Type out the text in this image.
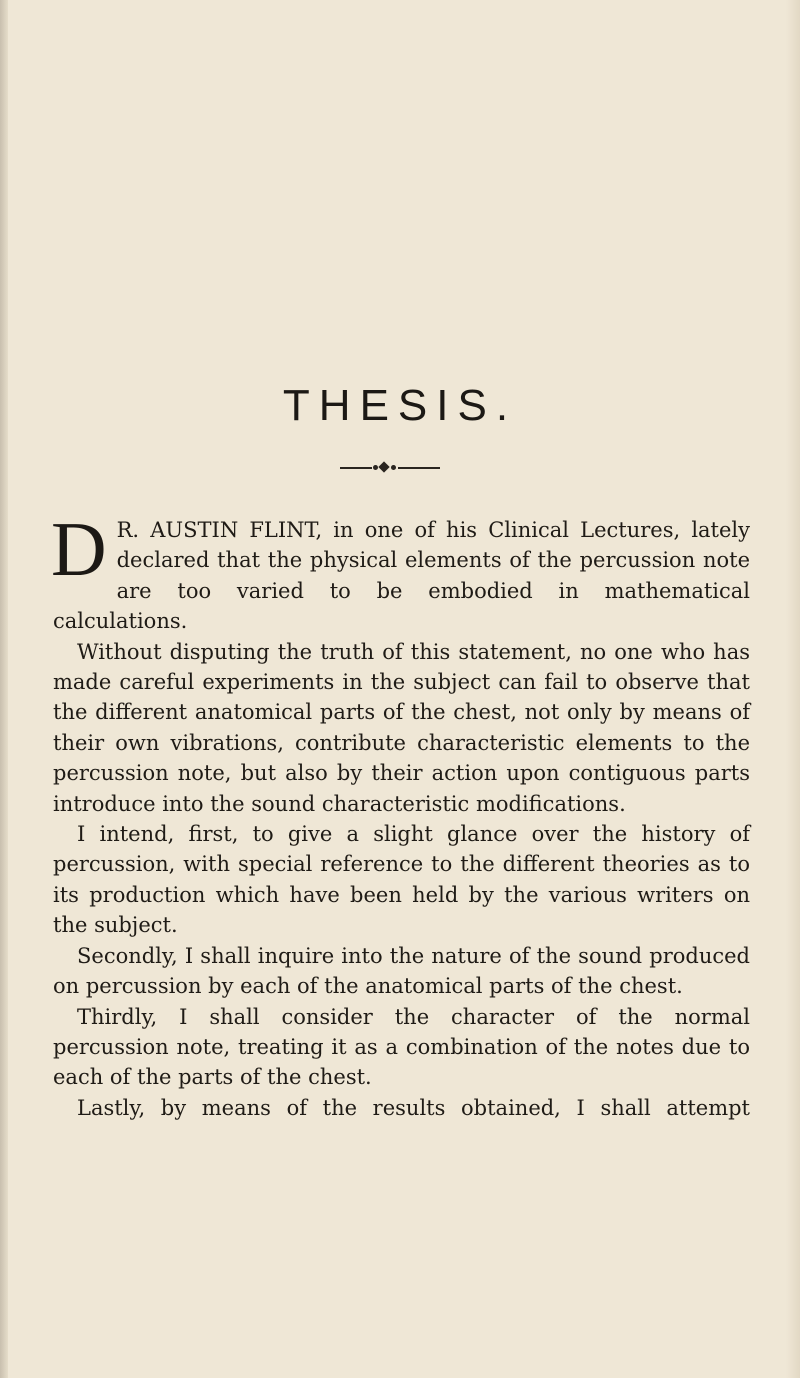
THESIS.

D R. AUSTIN FLINT, in one of his Clinical Lectures, lately declared that the physical elements of the percussion note are too varied to be embodied in mathematical calculations.

Without disputing the truth of this statement, no one who has made careful experiments in the subject can fail to observe that the different anatomical parts of the chest, not only by means of their own vibrations, contribute characteristic elements to the percussion note, but also by their action upon contiguous parts introduce into the sound characteristic modifications.

I intend, first, to give a slight glance over the history of percussion, with special reference to the different theories as to its production which have been held by the various writers on the subject.

Secondly, I shall inquire into the nature of the sound produced on percussion by each of the anatomical parts of the chest.

Thirdly, I shall consider the character of the normal percussion note, treating it as a combination of the notes due to each of the parts of the chest.

Lastly, by means of the results obtained, I shall attempt
